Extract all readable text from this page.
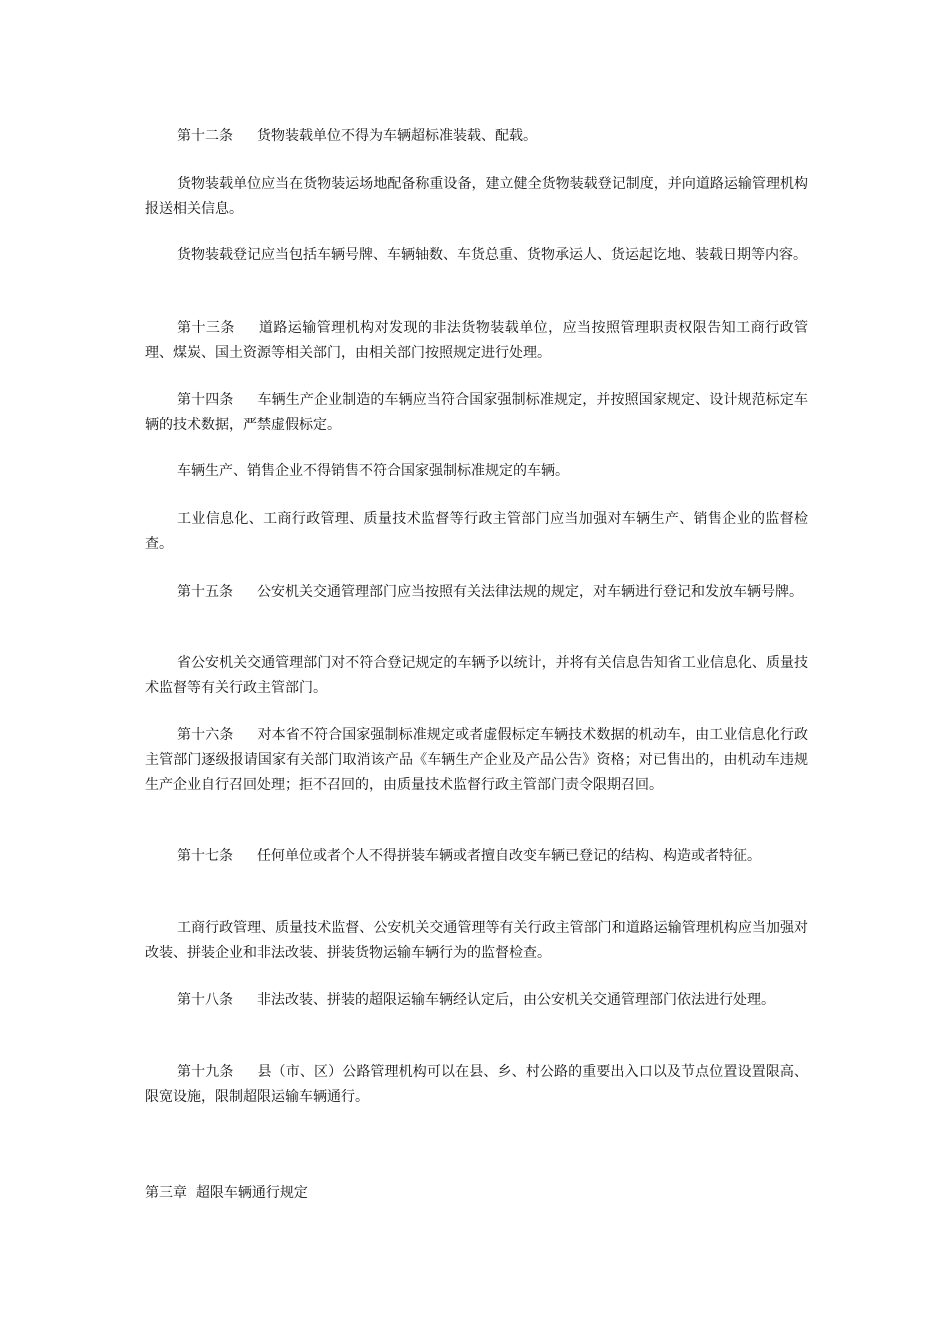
第十二条 货物装载单位不得为车辆超标准装载、配载。

货物装载单位应当在货物装运场地配备称重设备，建立健全货物装载登记制度，并向道路运输管理机构报送相关信息。

货物装载登记应当包括车辆号牌、车辆轴数、车货总重、货物承运人、货运起讫地、装载日期等内容。

第十三条 道路运输管理机构对发现的非法货物装载单位，应当按照管理职责权限告知工商行政管理、煤炭、国土资源等相关部门，由相关部门按照规定进行处理。

第十四条 车辆生产企业制造的车辆应当符合国家强制标准规定，并按照国家规定、设计规范标定车辆的技术数据，严禁虚假标定。

车辆生产、销售企业不得销售不符合国家强制标准规定的车辆。

工业信息化、工商行政管理、质量技术监督等行政主管部门应当加强对车辆生产、销售企业的监督检查。

第十五条 公安机关交通管理部门应当按照有关法律法规的规定，对车辆进行登记和发放车辆号牌。

省公安机关交通管理部门对不符合登记规定的车辆予以统计，并将有关信息告知省工业信息化、质量技术监督等有关行政主管部门。

第十六条 对本省不符合国家强制标准规定或者虚假标定车辆技术数据的机动车，由工业信息化行政主管部门逐级报请国家有关部门取消该产品《车辆生产企业及产品公告》资格；对已售出的，由机动车违规生产企业自行召回处理；拒不召回的，由质量技术监督行政主管部门责令限期召回。

第十七条 任何单位或者个人不得拼装车辆或者擅自改变车辆已登记的结构、构造或者特征。

工商行政管理、质量技术监督、公安机关交通管理等有关行政主管部门和道路运输管理机构应当加强对改装、拼装企业和非法改装、拼装货物运输车辆行为的监督检查。

第十八条 非法改装、拼装的超限运输车辆经认定后，由公安机关交通管理部门依法进行处理。

第十九条 县（市、区）公路管理机构可以在县、乡、村公路的重要出入口以及节点位置设置限高、限宽设施，限制超限运输车辆通行。

第三章  超限车辆通行规定
